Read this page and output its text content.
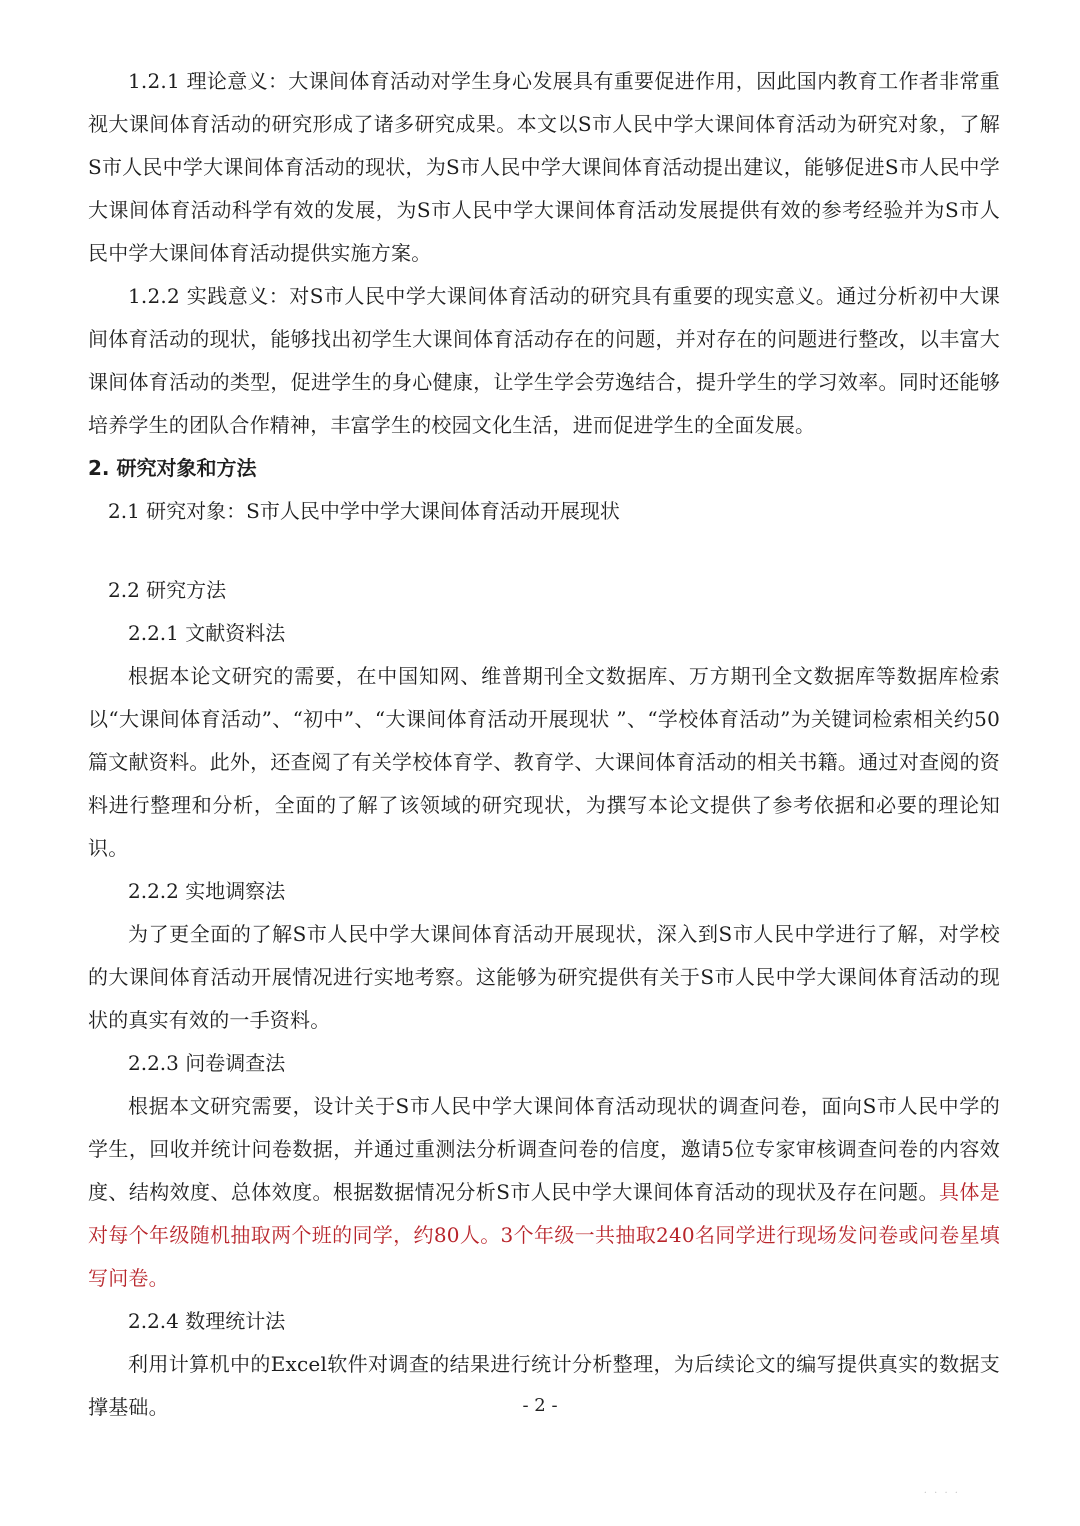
1.2.1 理论意义：大课间体育活动对学生身心发展具有重要促进作用，因此国内教育工作者非常重视大课间体育活动的研究形成了诸多研究成果。本文以S市人民中学大课间体育活动为研究对象，了解S市人民中学大课间体育活动的现状，为S市人民中学大课间体育活动提出建议，能够促进S市人民中学大课间体育活动科学有效的发展，为S市人民中学大课间体育活动发展提供有效的参考经验并为S市人民中学大课间体育活动提供实施方案。

1.2.2 实践意义：对S市人民中学大课间体育活动的研究具有重要的现实意义。通过分析初中大课间体育活动的现状，能够找出初学生大课间体育活动存在的问题，并对存在的问题进行整改，以丰富大课间体育活动的类型，促进学生的身心健康，让学生学会劳逸结合，提升学生的学习效率。同时还能够培养学生的团队合作精神，丰富学生的校园文化生活，进而促进学生的全面发展。

2. 研究对象和方法

2.1 研究对象：S市人民中学中学大课间体育活动开展现状

2.2 研究方法

2.2.1 文献资料法

根据本论文研究的需要，在中国知网、维普期刊全文数据库、万方期刊全文数据库等数据库检索以“大课间体育活动”、“初中”、“大课间体育活动开展现状 ”、“学校体育活动”为关键词检索相关约50篇文献资料。此外，还查阅了有关学校体育学、教育学、大课间体育活动的相关书籍。通过对查阅的资料进行整理和分析，全面的了解了该领域的研究现状，为撰写本论文提供了参考依据和必要的理论知识。

2.2.2 实地调察法

为了更全面的了解S市人民中学大课间体育活动开展现状，深入到S市人民中学进行了解，对学校的大课间体育活动开展情况进行实地考察。这能够为研究提供有关于S市人民中学大课间体育活动的现状的真实有效的一手资料。

2.2.3 问卷调查法

根据本文研究需要，设计关于S市人民中学大课间体育活动现状的调查问卷，面向S市人民中学的学生，回收并统计问卷数据，并通过重测法分析调查问卷的信度，邀请5位专家审核调查问卷的内容效度、结构效度、总体效度。根据数据情况分析S市人民中学大课间体育活动的现状及存在问题。具体是对每个年级随机抽取两个班的同学，约80人。3个年级一共抽取240名同学进行现场发问卷或问卷星填写问卷。

2.2.4 数理统计法

利用计算机中的Excel软件对调查的结果进行统计分析整理，为后续论文的编写提供真实的数据支撑基础。	- 2 -
· · · ·
